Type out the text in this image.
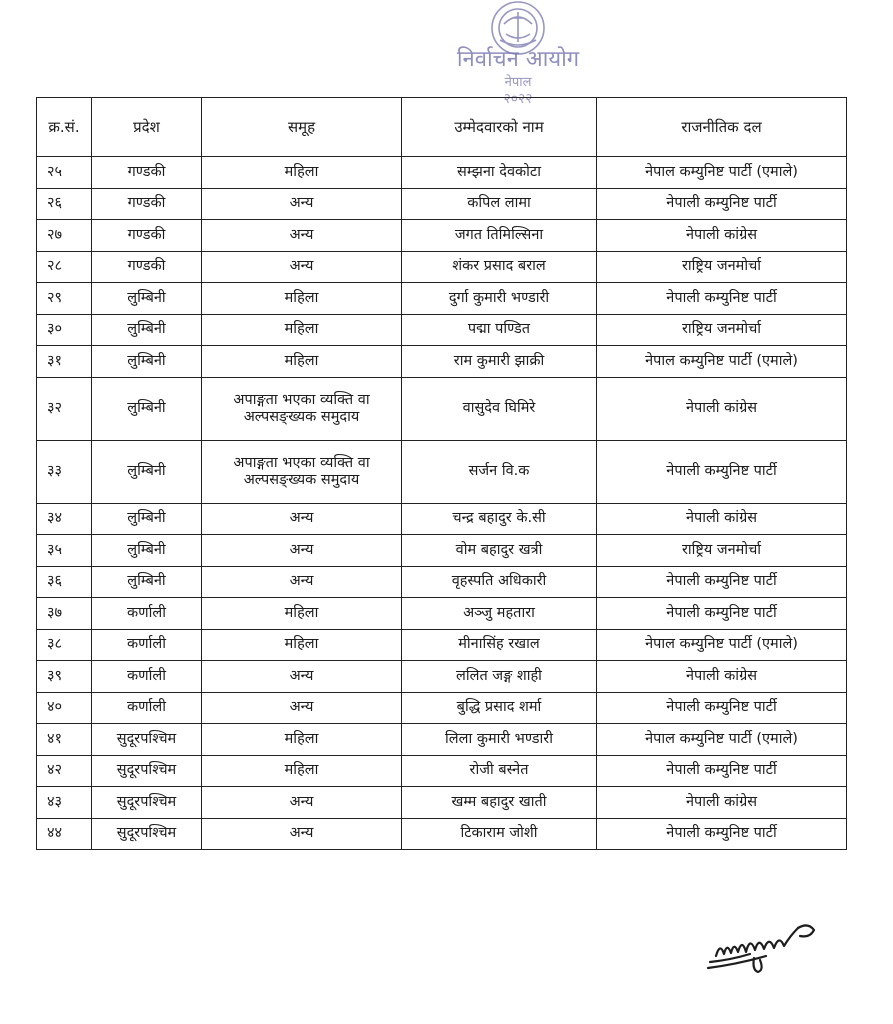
निर्वाचन आयोग
नेपाल
२०२२
क्र.सं.	प्रदेश	समूह	उम्मेदवारको नाम	राजनीतिक दल
२५	गण्डकी	महिला	सम्झना देवकोटा	नेपाल कम्युनिष्ट पार्टी (एमाले)
२६	गण्डकी	अन्य	कपिल लामा	नेपाली कम्युनिष्ट पार्टी
२७	गण्डकी	अन्य	जगत तिमिल्सिना	नेपाली कांग्रेस
२८	गण्डकी	अन्य	शंकर प्रसाद बराल	राष्ट्रिय जनमोर्चा
२९	लुम्बिनी	महिला	दुर्गा कुमारी भण्डारी	नेपाली कम्युनिष्ट पार्टी
३०	लुम्बिनी	महिला	पद्मा पण्डित	राष्ट्रिय जनमोर्चा
३१	लुम्बिनी	महिला	राम कुमारी झाक्री	नेपाल कम्युनिष्ट पार्टी (एमाले)
३२	लुम्बिनी	अपाङ्गता भएका व्यक्ति वा
अल्पसङ्ख्यक समुदाय	वासुदेव घिमिरे	नेपाली कांग्रेस
३३	लुम्बिनी	अपाङ्गता भएका व्यक्ति वा
अल्पसङ्ख्यक समुदाय	सर्जन वि.क	नेपाली कम्युनिष्ट पार्टी
३४	लुम्बिनी	अन्य	चन्द्र बहादुर के.सी	नेपाली कांग्रेस
३५	लुम्बिनी	अन्य	वोम बहादुर खत्री	राष्ट्रिय जनमोर्चा
३६	लुम्बिनी	अन्य	वृहस्पति अधिकारी	नेपाली कम्युनिष्ट पार्टी
३७	कर्णाली	महिला	अञ्जु महतारा	नेपाली कम्युनिष्ट पार्टी
३८	कर्णाली	महिला	मीनासिंह रखाल	नेपाल कम्युनिष्ट पार्टी (एमाले)
३९	कर्णाली	अन्य	ललित जङ्ग शाही	नेपाली कांग्रेस
४०	कर्णाली	अन्य	बुद्धि प्रसाद शर्मा	नेपाली कम्युनिष्ट पार्टी
४१	सुदूरपश्चिम	महिला	लिला कुमारी भण्डारी	नेपाल कम्युनिष्ट पार्टी (एमाले)
४२	सुदूरपश्चिम	महिला	रोजी बस्नेत	नेपाली कम्युनिष्ट पार्टी
४३	सुदूरपश्चिम	अन्य	खम्म बहादुर खाती	नेपाली कांग्रेस
४४	सुदूरपश्चिम	अन्य	टिकाराम जोशी	नेपाली कम्युनिष्ट पार्टी
